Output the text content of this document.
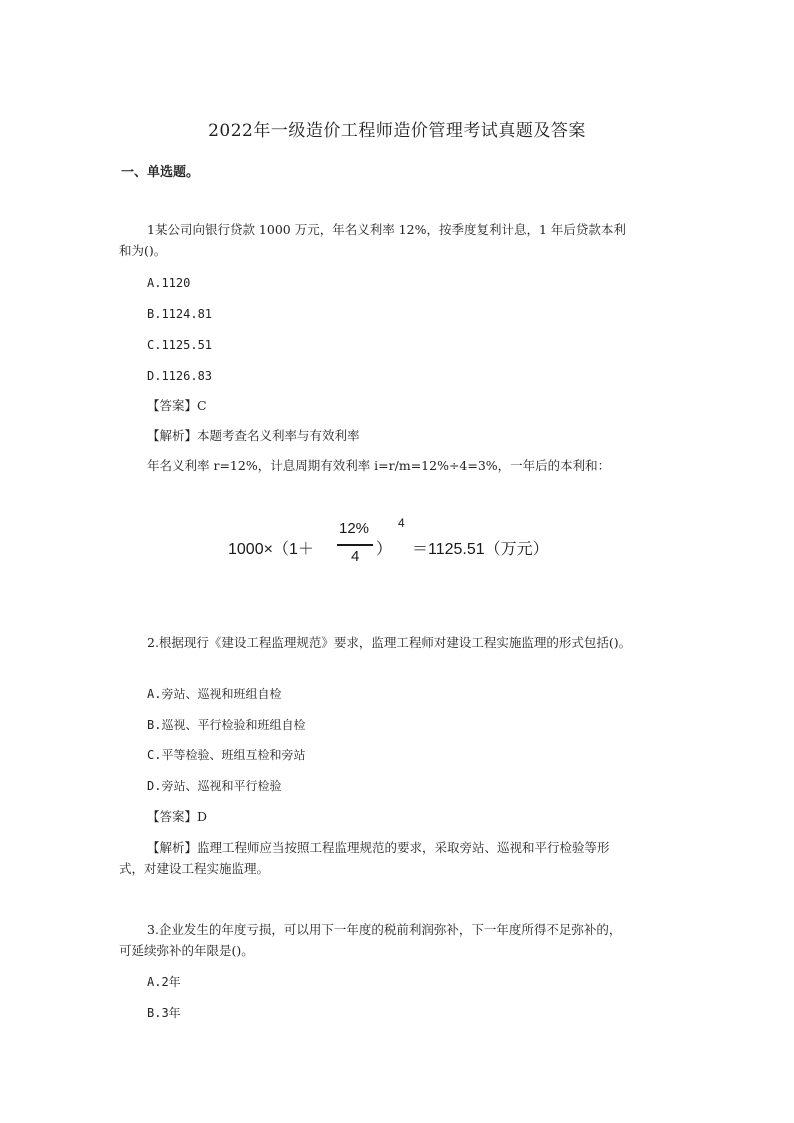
2022年一级造价工程师造价管理考试真题及答案
一、单选题。
1某公司向银行贷款 1000 万元，年名义利率 12%，按季度复利计息，1 年后贷款本利
和为()。
A.1120
B.1124.81
C.1125.51
D.1126.83
【答案】C
【解析】本题考查名义利率与有效利率
年名义利率 r=12%，计息周期有效利率 i=r/m=12%÷4=3%，一年后的本利和：
1000×（1＋
12%
4 ）
4
＝1125.51（万元）
2.根据现行《建设工程监理规范》要求，监理工程师对建设工程实施监理的形式包括()。
A.旁站、巡视和班组自检
B.巡视、平行检验和班组自检
C.平等检验、班组互检和旁站
D.旁站、巡视和平行检验
【答案】D
【解析】监理工程师应当按照工程监理规范的要求，采取旁站、巡视和平行检验等形
式，对建设工程实施监理。
3.企业发生的年度亏损，可以用下一年度的税前利润弥补，下一年度所得不足弥补的，
可延续弥补的年限是()。
A.2年
B.3年
